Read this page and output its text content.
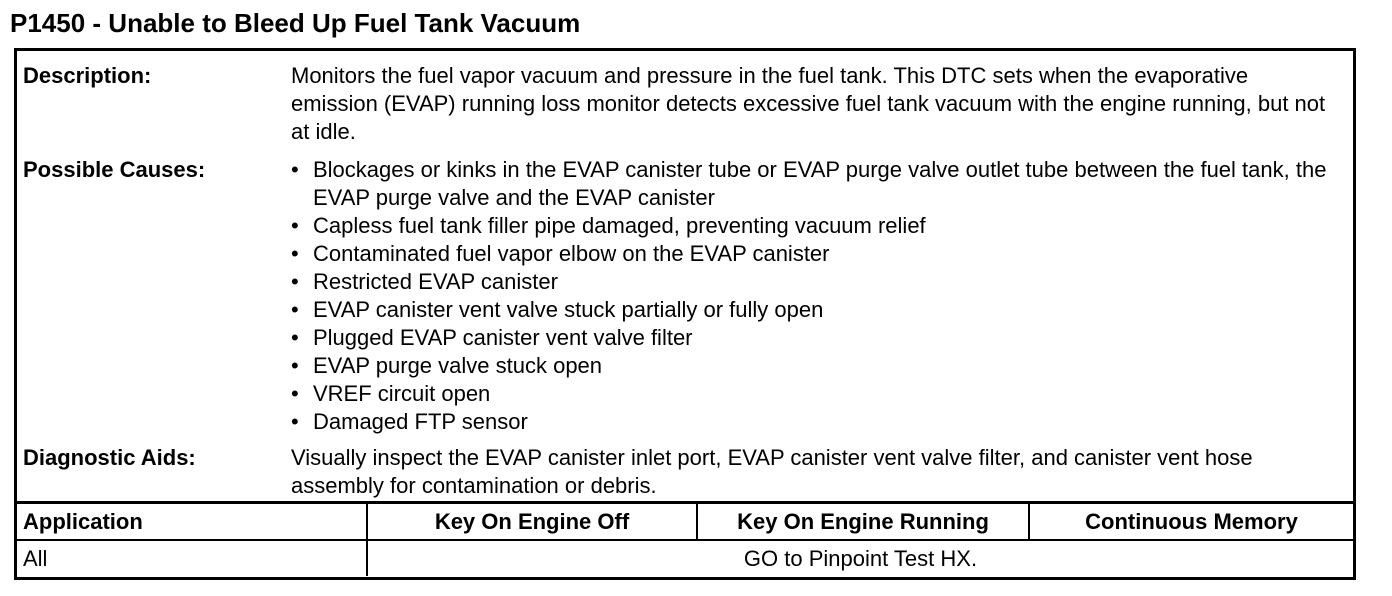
P1450 - Unable to Bleed Up Fuel Tank Vacuum
Description:	Monitors the fuel vapor vacuum and pressure in the fuel tank. This DTC sets when the evaporative emission (EVAP) running loss monitor detects excessive fuel tank vacuum with the engine running, but not at idle.

Possible Causes:	• Blockages or kinks in the EVAP canister tube or EVAP purge valve outlet tube between the fuel tank, the EVAP purge valve and the EVAP canister
• Capless fuel tank filler pipe damaged, preventing vacuum relief
• Contaminated fuel vapor elbow on the EVAP canister
• Restricted EVAP canister
• EVAP canister vent valve stuck partially or fully open
• Plugged EVAP canister vent valve filter
• EVAP purge valve stuck open
• VREF circuit open
• Damaged FTP sensor
Diagnostic Aids:	Visually inspect the EVAP canister inlet port, EVAP canister vent valve filter, and canister vent hose assembly for contamination or debris.

Application	Key On Engine Off	Key On Engine Running	Continuous Memory
All	GO to Pinpoint Test HX.		
